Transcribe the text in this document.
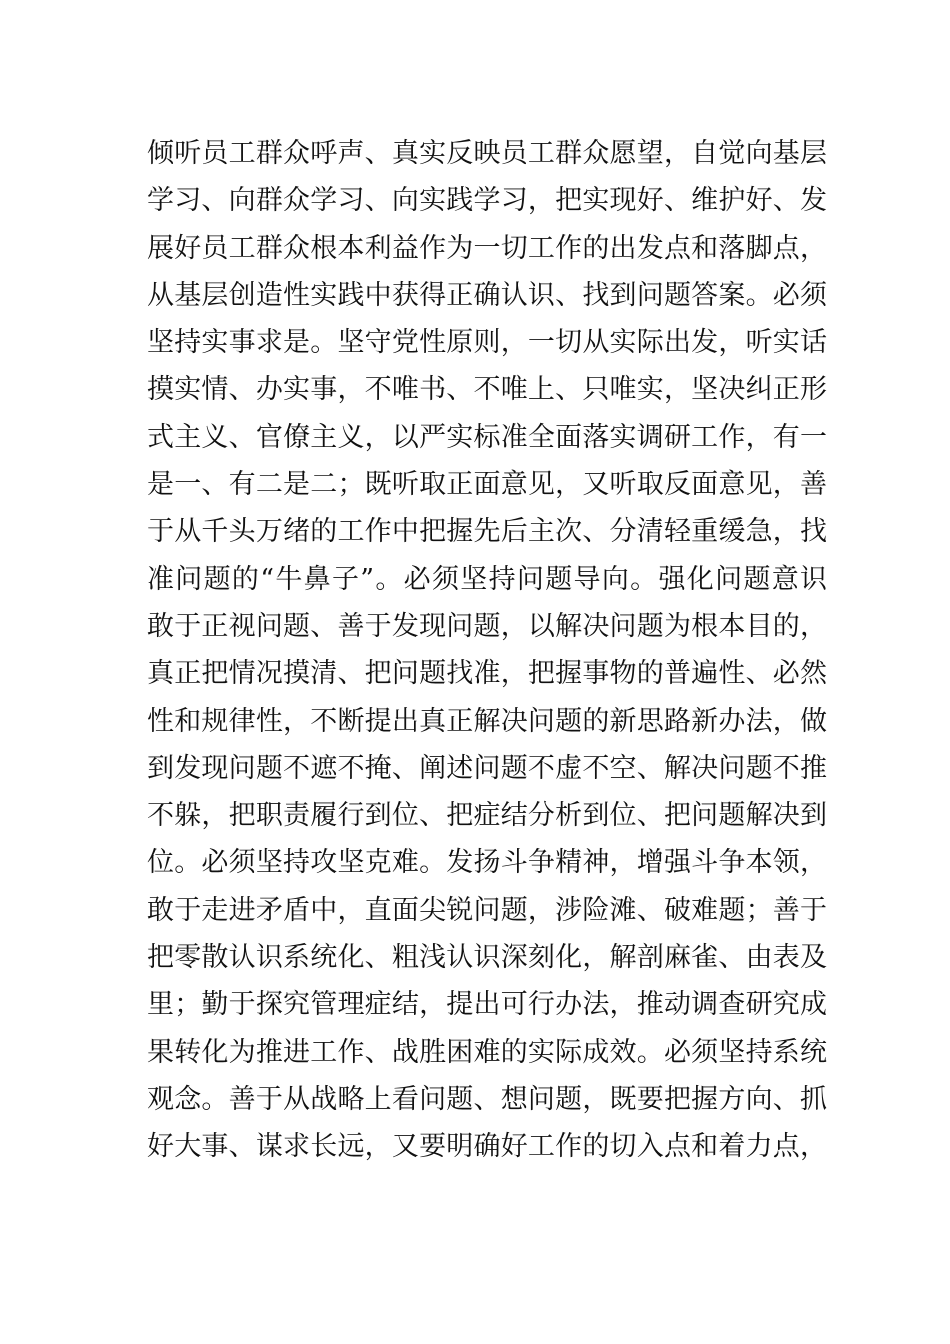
倾听员工群众呼声、真实反映员工群众愿望，自觉向基层
学习、向群众学习、向实践学习，把实现好、维护好、发
展好员工群众根本利益作为一切工作的出发点和落脚点，
从基层创造性实践中获得正确认识、找到问题答案。必须
坚持实事求是。坚守党性原则，一切从实际出发，听实话
摸实情、办实事，不唯书、不唯上、只唯实，坚决纠正形
式主义、官僚主义，以严实标准全面落实调研工作，有一
是一、有二是二；既听取正面意见，又听取反面意见，善
于从千头万绪的工作中把握先后主次、分清轻重缓急，找
准问题的“牛鼻子”。必须坚持问题导向。强化问题意识
敢于正视问题、善于发现问题，以解决问题为根本目的，
真正把情况摸清、把问题找准，把握事物的普遍性、必然
性和规律性，不断提出真正解决问题的新思路新办法，做
到发现问题不遮不掩、阐述问题不虚不空、解决问题不推
不躲，把职责履行到位、把症结分析到位、把问题解决到
位。必须坚持攻坚克难。发扬斗争精神，增强斗争本领，
敢于走进矛盾中，直面尖锐问题，涉险滩、破难题；善于
把零散认识系统化、粗浅认识深刻化，解剖麻雀、由表及
里；勤于探究管理症结，提出可行办法，推动调查研究成
果转化为推进工作、战胜困难的实际成效。必须坚持系统
观念。善于从战略上看问题、想问题，既要把握方向、抓
好大事、谋求长远，又要明确好工作的切入点和着力点，
